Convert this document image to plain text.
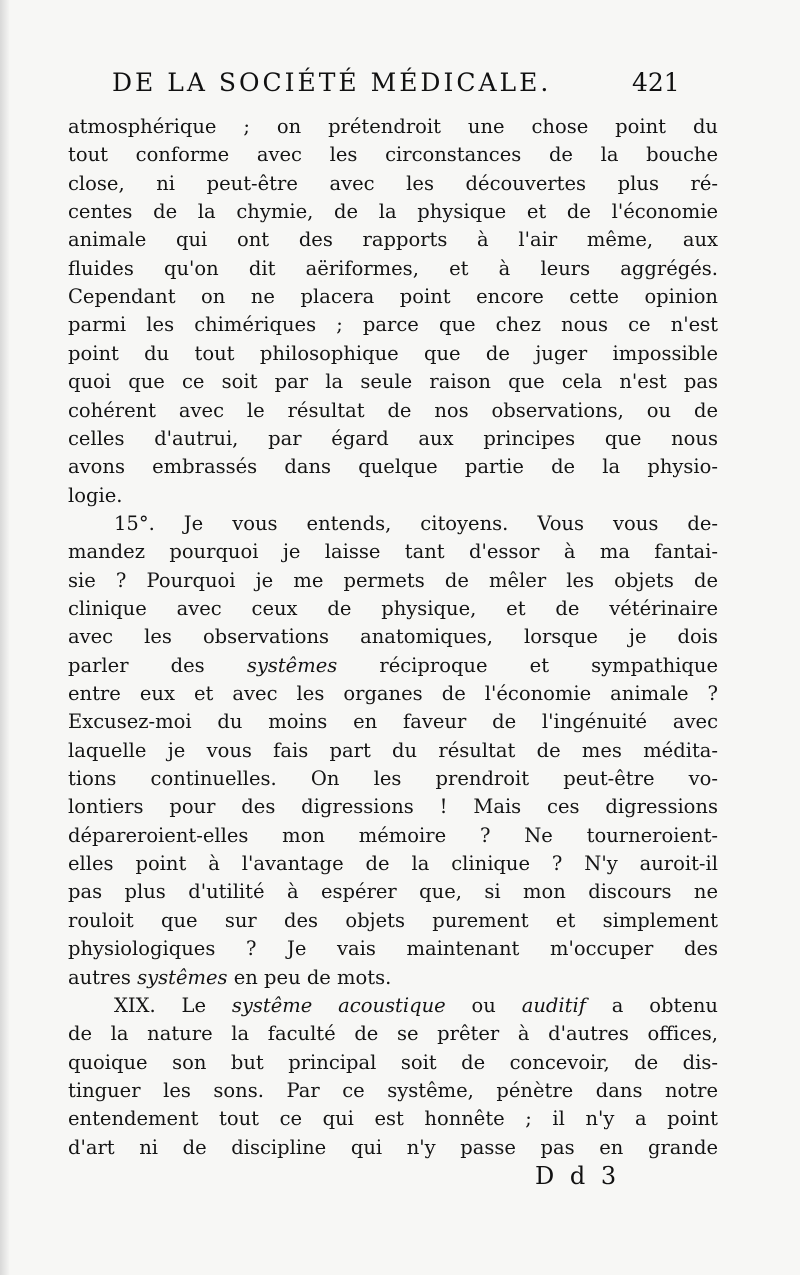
DE LA SOCIÉTÉ MÉDICALE.	421
atmosphérique ; on prétendroit une chose point du
tout conforme avec les circonstances de la bouche
close, ni peut-être avec les découvertes plus ré-
centes de la chymie, de la physique et de l'économie
animale qui ont des rapports à l'air même, aux
fluides qu'on dit aëriformes, et à leurs aggrégés.
Cependant on ne placera point encore cette opinion
parmi les chimériques ; parce que chez nous ce n'est
point du tout philosophique que de juger impossible
quoi que ce soit par la seule raison que cela n'est pas
cohérent avec le résultat de nos observations, ou de
celles d'autrui, par égard aux principes que nous
avons embrassés dans quelque partie de la physio-
logie.
15°. Je vous entends, citoyens. Vous vous de-
mandez pourquoi je laisse tant d'essor à ma fantai-
sie ? Pourquoi je me permets de mêler les objets de
clinique avec ceux de physique, et de vétérinaire
avec les observations anatomiques, lorsque je dois
parler des systêmes réciproque et sympathique
entre eux et avec les organes de l'économie animale ?
Excusez-moi du moins en faveur de l'ingénuité avec
laquelle je vous fais part du résultat de mes médita-
tions continuelles. On les prendroit peut-être vo-
lontiers pour des digressions ! Mais ces digressions
dépareroient-elles mon mémoire ? Ne tourneroient-
elles point à l'avantage de la clinique ? N'y auroit-il
pas plus d'utilité à espérer que, si mon discours ne
rouloit que sur des objets purement et simplement
physiologiques ? Je vais maintenant m'occuper des
autres systêmes en peu de mots.
XIX. Le systême acoustique ou auditif a obtenu
de la nature la faculté de se prêter à d'autres offices,
quoique son but principal soit de concevoir, de dis-
tinguer les sons. Par ce systême, pénètre dans notre
entendement tout ce qui est honnête ; il n'y a point
d'art ni de discipline qui n'y passe pas en grande
D d 3
